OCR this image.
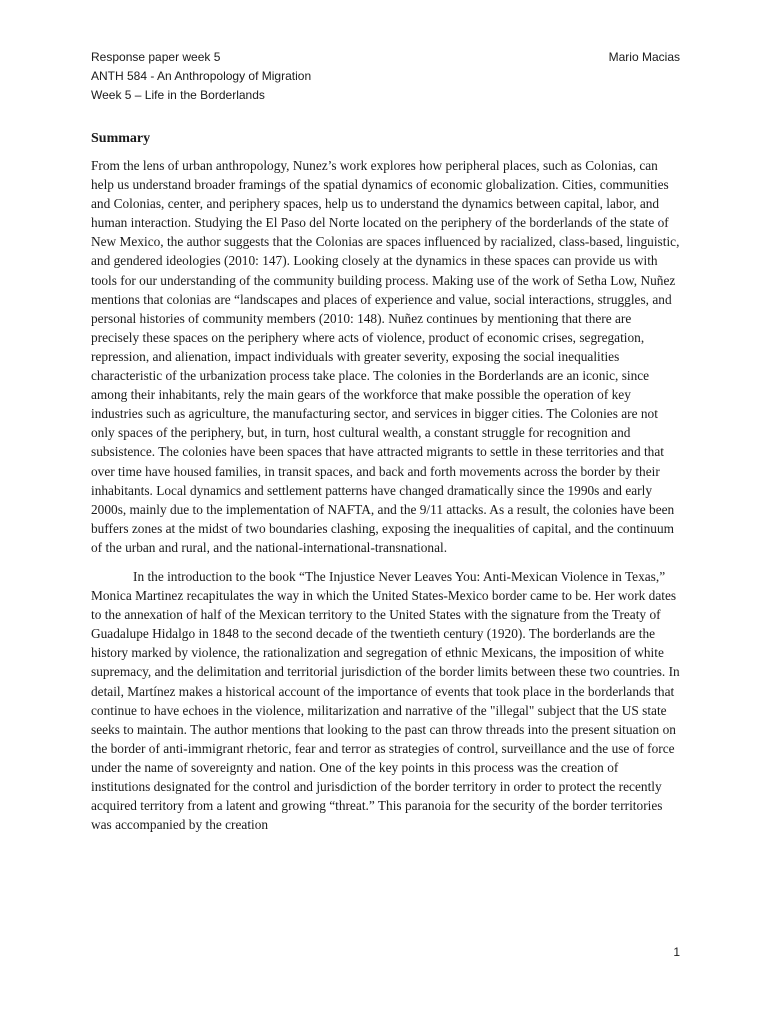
Response paper week 5	Mario Macias
ANTH 584 - An Anthropology of Migration
Week 5 – Life in the Borderlands
Summary

From the lens of urban anthropology, Nunez’s work explores how peripheral places, such as Colonias, can help us understand broader framings of the spatial dynamics of economic globalization. Cities, communities and Colonias, center, and periphery spaces, help us to understand the dynamics between capital, labor, and human interaction. Studying the El Paso del Norte located on the periphery of the borderlands of the state of New Mexico, the author suggests that the Colonias are spaces influenced by racialized, class-based, linguistic, and gendered ideologies (2010: 147). Looking closely at the dynamics in these spaces can provide us with tools for our understanding of the community building process. Making use of the work of Setha Low, Nuñez mentions that colonias are “landscapes and places of experience and value, social interactions, struggles, and personal histories of community members (2010: 148). Nuñez continues by mentioning that there are precisely these spaces on the periphery where acts of violence, product of economic crises, segregation, repression, and alienation, impact individuals with greater severity, exposing the social inequalities characteristic of the urbanization process take place. The colonies in the Borderlands are an iconic, since among their inhabitants, rely the main gears of the workforce that make possible the operation of key industries such as agriculture, the manufacturing sector, and services in bigger cities. The Colonies are not only spaces of the periphery, but, in turn, host cultural wealth, a constant struggle for recognition and subsistence. The colonies have been spaces that have attracted migrants to settle in these territories and that over time have housed families, in transit spaces, and back and forth movements across the border by their inhabitants. Local dynamics and settlement patterns have changed dramatically since the 1990s and early 2000s, mainly due to the implementation of NAFTA, and the 9/11 attacks. As a result, the colonies have been buffers zones at the midst of two boundaries clashing, exposing the inequalities of capital, and the continuum of the urban and rural, and the national-international-transnational.

In the introduction to the book “The Injustice Never Leaves You: Anti-Mexican Violence in Texas,” Monica Martinez recapitulates the way in which the United States-Mexico border came to be. Her work dates to the annexation of half of the Mexican territory to the United States with the signature from the Treaty of Guadalupe Hidalgo in 1848 to the second decade of the twentieth century (1920). The borderlands are the history marked by violence, the rationalization and segregation of ethnic Mexicans, the imposition of white supremacy, and the delimitation and territorial jurisdiction of the border limits between these two countries. In detail, Martínez makes a historical account of the importance of events that took place in the borderlands that continue to have echoes in the violence, militarization and narrative of the "illegal" subject that the US state seeks to maintain. The author mentions that looking to the past can throw threads into the present situation on the border of anti-immigrant rhetoric, fear and terror as strategies of control, surveillance and the use of force under the name of sovereignty and nation. One of the key points in this process was the creation of institutions designated for the control and jurisdiction of the border territory in order to protect the recently acquired territory from a latent and growing “threat.” This paranoia for the security of the border territories was accompanied by the creation

1
